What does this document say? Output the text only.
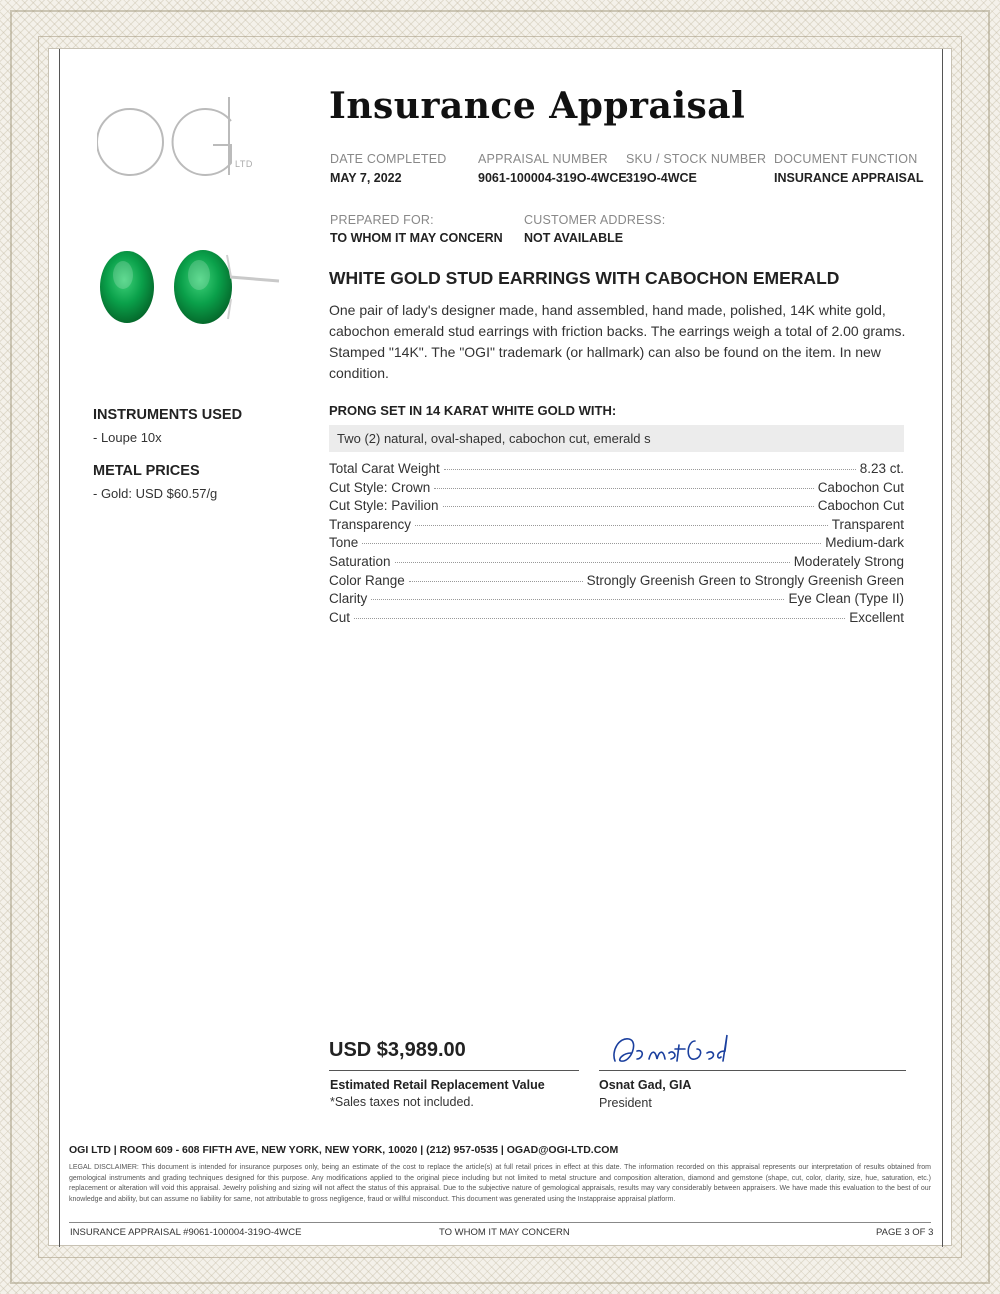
LTD
Insurance Appraisal
DATE COMPLETED
MAY 7, 2022
APPRAISAL NUMBER
9061-100004-319O-4WCE
SKU / STOCK NUMBER
319O-4WCE
DOCUMENT FUNCTION
INSURANCE APPRAISAL
PREPARED FOR:
TO WHOM IT MAY CONCERN
CUSTOMER ADDRESS:
NOT AVAILABLE
INSTRUMENTS USED
- Loupe 10x
METAL PRICES
- Gold: USD $60.57/g
WHITE GOLD STUD EARRINGS WITH CABOCHON EMERALD
One pair of lady's designer made, hand assembled, hand made, polished, 14K white gold, cabochon emerald stud earrings with friction backs. The earrings weigh a total of 2.00 grams. Stamped "14K". The "OGI" trademark (or hallmark) can also be found on the item. In new condition.
PRONG SET IN 14 KARAT WHITE GOLD WITH:
Two (2) natural, oval-shaped, cabochon cut, emerald s
Total Carat Weight	8.23 ct.
Cut Style: Crown	Cabochon Cut
Cut Style: Pavilion	Cabochon Cut
Transparency	Transparent
Tone	Medium-dark
Saturation	Moderately Strong
Color Range	Strongly Greenish Green to Strongly Greenish Green
Clarity	Eye Clean (Type II)
Cut	Excellent
USD $3,989.00
Estimated Retail Replacement Value
*Sales taxes not included.
Osnat Gad, GIA
President
OGI LTD | ROOM 609 - 608 FIFTH AVE, NEW YORK, NEW YORK, 10020 | (212) 957-0535 | OGAD@OGI-LTD.COM
LEGAL DISCLAIMER: This document is intended for insurance purposes only, being an estimate of the cost to replace the article(s) at full retail prices in effect at this date. The information recorded on this appraisal represents our interpretation of results obtained from gemological instruments and grading techniques designed for this purpose. Any modifications applied to the original piece including but not limited to metal structure and composition alteration, diamond and gemstone (shape, cut, color, clarity, size, hue, saturation, etc.) replacement or alteration will void this appraisal. Jewelry polishing and sizing will not affect the status of this appraisal. Due to the subjective nature of gemological appraisals, results may vary considerably between appraisers. We have made this evaluation to the best of our knowledge and ability, but can assume no liability for same, not attributable to gross negligence, fraud or willful misconduct. This document was generated using the Instappraise appraisal platform.
INSURANCE APPRAISAL #9061-100004-319O-4WCE	TO WHOM IT MAY CONCERN	PAGE 3 OF 3
